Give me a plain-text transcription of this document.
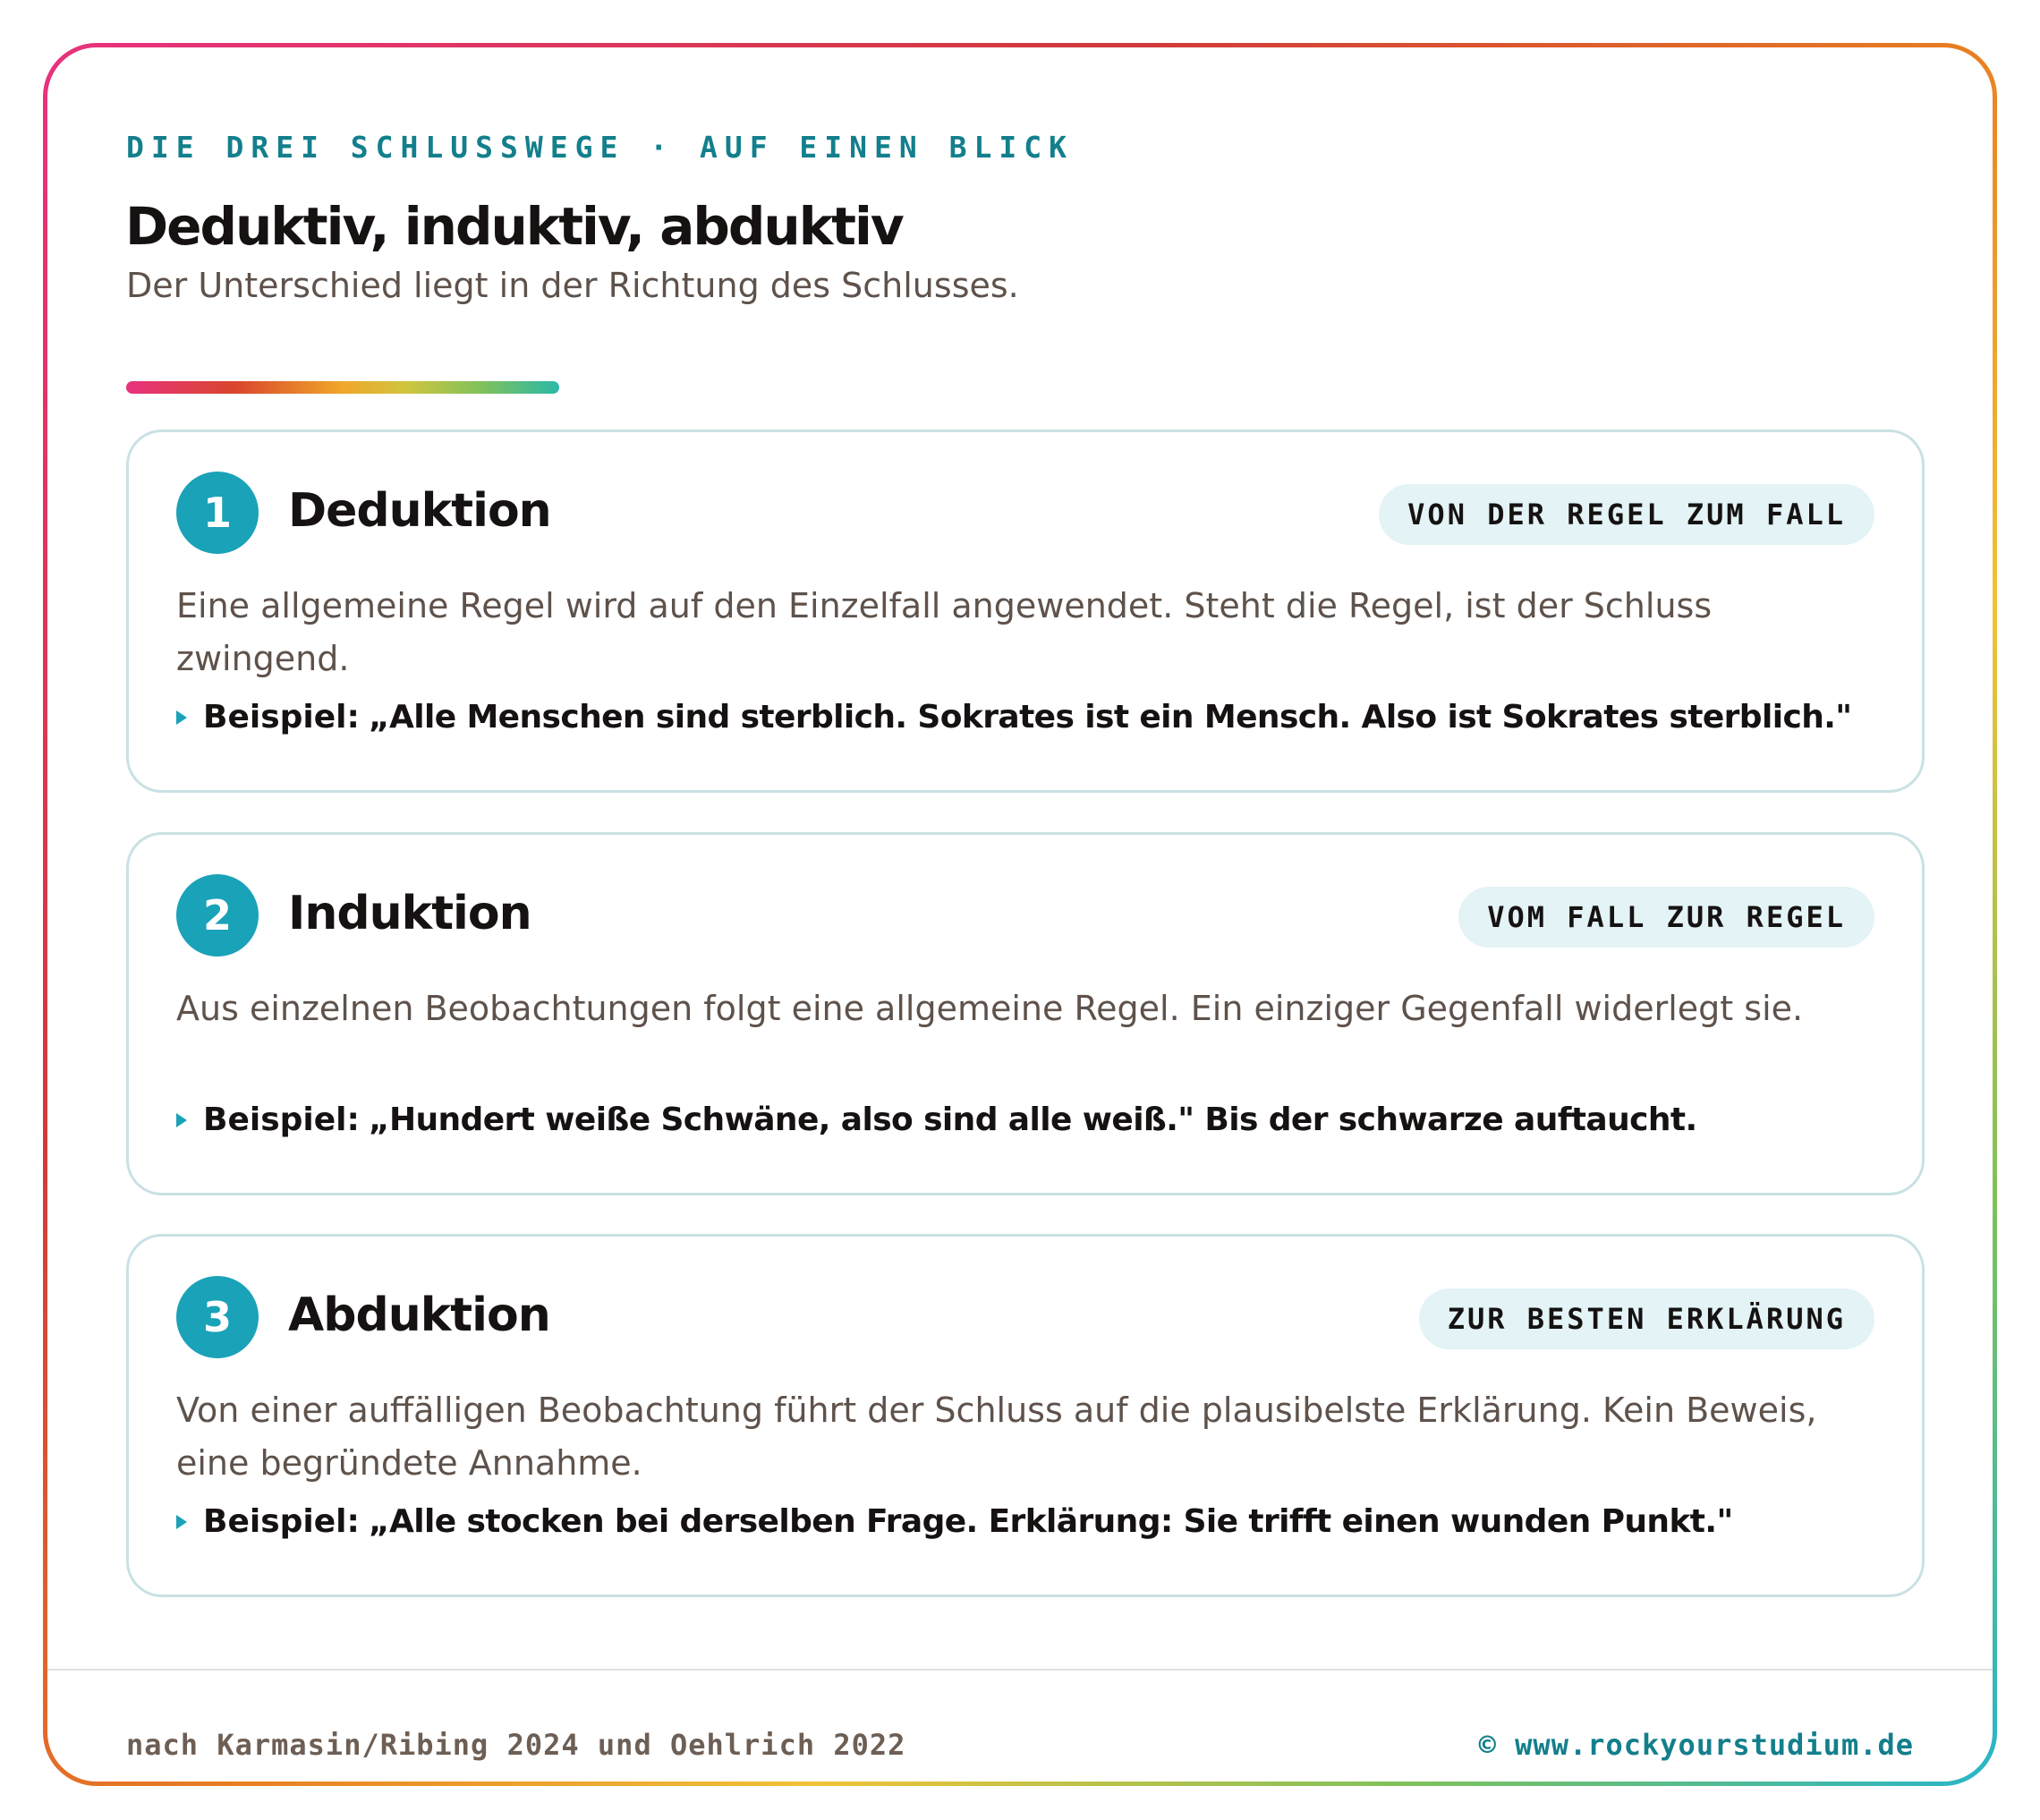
DIE DREI SCHLUSSWEGE · AUF EINEN BLICK
Deduktiv, induktiv, abduktiv
Der Unterschied liegt in der Richtung des Schlusses.
1	Deduktion	VON DER REGEL ZUM FALL
Eine allgemeine Regel wird auf den Einzelfall angewendet. Steht die Regel, ist der Schluss zwingend.
Beispiel: „Alle Menschen sind sterblich. Sokrates ist ein Mensch. Also ist Sokrates sterblich."
2	Induktion	VOM FALL ZUR REGEL
Aus einzelnen Beobachtungen folgt eine allgemeine Regel. Ein einziger Gegenfall widerlegt sie.
Beispiel: „Hundert weiße Schwäne, also sind alle weiß." Bis der schwarze auftaucht.
3	Abduktion	ZUR BESTEN ERKLÄRUNG
Von einer auffälligen Beobachtung führt der Schluss auf die plausibelste Erklärung. Kein Beweis, eine begründete Annahme.
Beispiel: „Alle stocken bei derselben Frage. Erklärung: Sie trifft einen wunden Punkt."
nach Karmasin/Ribing 2024 und Oehlrich 2022	© www.rockyourstudium.de
